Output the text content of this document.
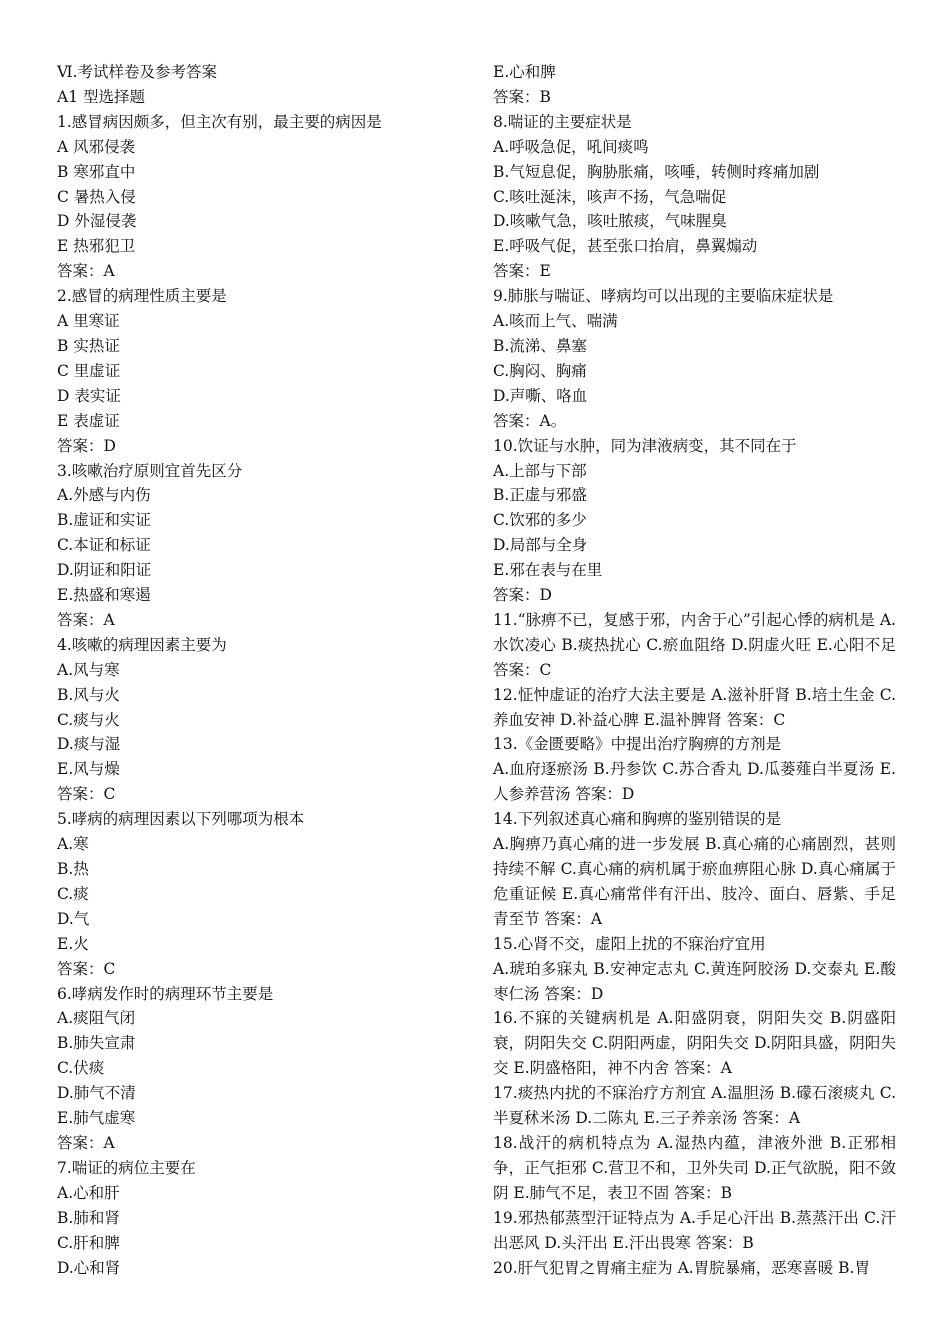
Ⅵ.考试样卷及参考答案
A1 型选择题
1.感冒病因颇多，但主次有别，最主要的病因是
A 风邪侵袭
B 寒邪直中
C 暑热入侵
D 外湿侵袭
E 热邪犯卫
答案：A
2.感冒的病理性质主要是
A 里寒证
B 实热证
C 里虚证
D 表实证
E 表虚证
答案：D
3.咳嗽治疗原则宜首先区分
A.外感与内伤
B.虚证和实证
C.本证和标证
D.阴证和阳证
E.热盛和寒遏
答案：A
4.咳嗽的病理因素主要为
A.风与寒
B.风与火
C.痰与火
D.痰与湿
E.风与燥
答案：C
5.哮病的病理因素以下列哪项为根本
A.寒
B.热
C.痰
D.气
E.火
答案：C
6.哮病发作时的病理环节主要是
A.痰阻气闭
B.肺失宣肃
C.伏痰
D.肺气不清
E.肺气虚寒
答案：A
7.喘证的病位主要在
A.心和肝
B.肺和肾
C.肝和脾
D.心和肾
E.心和脾
答案：B
8.喘证的主要症状是
A.呼吸急促，吼间痰鸣
B.气短息促，胸胁胀痛，咳唾，转侧时疼痛加剧
C.咳吐涎沫，咳声不扬，气急喘促
D.咳嗽气急，咳吐脓痰，气味腥臭
E.呼吸气促，甚至张口抬肩，鼻翼煽动
答案：E
9.肺胀与喘证、哮病均可以出现的主要临床症状是
A.咳而上气、喘满
B.流涕、鼻塞
C.胸闷、胸痛
D.声嘶、咯血
答案：A。
10.饮证与水肿，同为津液病变，其不同在于
A.上部与下部
B.正虚与邪盛
C.饮邪的多少
D.局部与全身
E.邪在表与在里
答案：D

11.“脉痹不已，复感于邪，内舍于心”引起心悸的病机是 A.水饮凌心 B.痰热扰心 C.瘀血阻络 D.阴虚火旺 E.心阳不足 答案：C

12.怔忡虚证的治疗大法主要是 A.滋补肝肾 B.培土生金 C.养血安神 D.补益心脾 E.温补脾肾 答案：C

13.《金匮要略》中提出治疗胸痹的方剂是

A.血府逐瘀汤 B.丹参饮 C.苏合香丸 D.瓜蒌薤白半夏汤 E.人参养营汤 答案：D

14.下列叙述真心痛和胸痹的鉴别错误的是

A.胸痹乃真心痛的进一步发展 B.真心痛的心痛剧烈，甚则持续不解 C.真心痛的病机属于瘀血痹阻心脉 D.真心痛属于危重证候 E.真心痛常伴有汗出、肢冷、面白、唇紫、手足青至节 答案：A

15.心肾不交，虚阳上扰的不寐治疗宜用

A.琥珀多寐丸 B.安神定志丸 C.黄连阿胶汤 D.交泰丸 E.酸枣仁汤 答案：D

16.不寐的关键病机是 A.阳盛阴衰，阴阳失交 B.阴盛阳衰，阴阳失交 C.阴阳两虚，阴阳失交 D.阴阳具盛，阴阳失交 E.阴盛格阳，神不内舍 答案：A

17.痰热内扰的不寐治疗方剂宜 A.温胆汤 B.礞石滚痰丸 C.半夏秫米汤 D.二陈丸 E.三子养亲汤 答案：A

18.战汗的病机特点为 A.湿热内蕴，津液外泄 B.正邪相争，正气拒邪 C.营卫不和，卫外失司 D.正气欲脱，阳不敛阴 E.肺气不足，表卫不固 答案：B

19.邪热郁蒸型汗证特点为 A.手足心汗出 B.蒸蒸汗出 C.汗出恶风 D.头汗出 E.汗出畏寒 答案：B

20.肝气犯胃之胃痛主症为 A.胃脘暴痛，恶寒喜暖 B.胃
